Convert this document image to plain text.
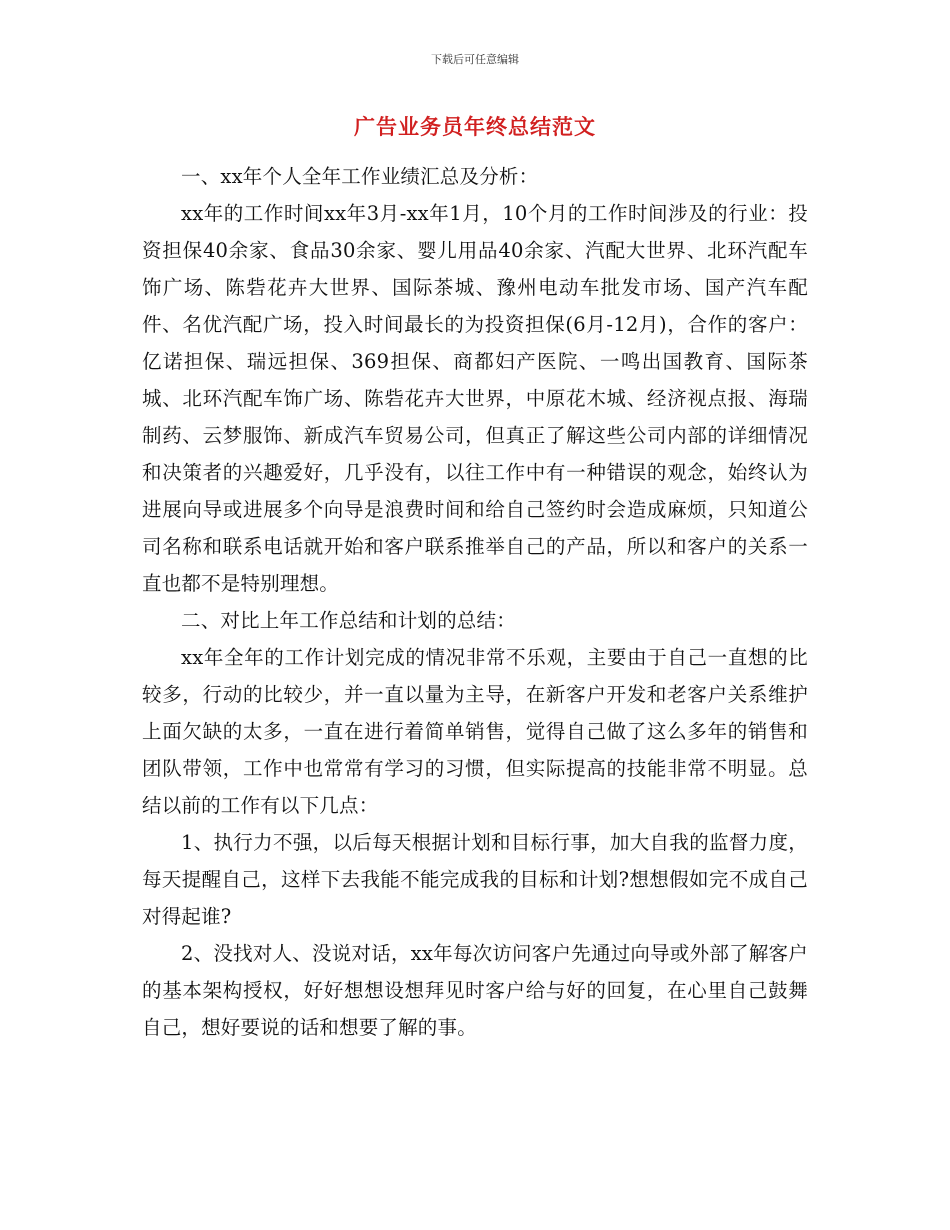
下载后可任意编辑
广告业务员年终总结范文

一、xx年个人全年工作业绩汇总及分析：

xx年的工作时间xx年3月-xx年1月，10个月的工作时间涉及的行业：投资担保40余家、食品30余家、婴儿用品40余家、汽配大世界、北环汽配车饰广场、陈砦花卉大世界、国际茶城、豫州电动车批发市场、国产汽车配件、名优汽配广场，投入时间最长的为投资担保(6月-12月)，合作的客户：亿诺担保、瑞远担保、369担保、商都妇产医院、一鸣出国教育、国际茶城、北环汽配车饰广场、陈砦花卉大世界，中原花木城、经济视点报、海瑞制药、云梦服饰、新成汽车贸易公司，但真正了解这些公司内部的详细情况和决策者的兴趣爱好，几乎没有，以往工作中有一种错误的观念，始终认为进展向导或进展多个向导是浪费时间和给自己签约时会造成麻烦，只知道公司名称和联系电话就开始和客户联系推举自己的产品，所以和客户的关系一直也都不是特别理想。

二、对比上年工作总结和计划的总结：

xx年全年的工作计划完成的情况非常不乐观，主要由于自己一直想的比较多，行动的比较少，并一直以量为主导，在新客户开发和老客户关系维护上面欠缺的太多，一直在进行着简单销售，觉得自己做了这么多年的销售和团队带领，工作中也常常有学习的习惯，但实际提高的技能非常不明显。总结以前的工作有以下几点：

1、执行力不强，以后每天根据计划和目标行事，加大自我的监督力度，每天提醒自己，这样下去我能不能完成我的目标和计划?想想假如完不成自己对得起谁?

2、没找对人、没说对话，xx年每次访问客户先通过向导或外部了解客户的基本架构授权，好好想想设想拜见时客户给与好的回复，在心里自己鼓舞自己，想好要说的话和想要了解的事。
